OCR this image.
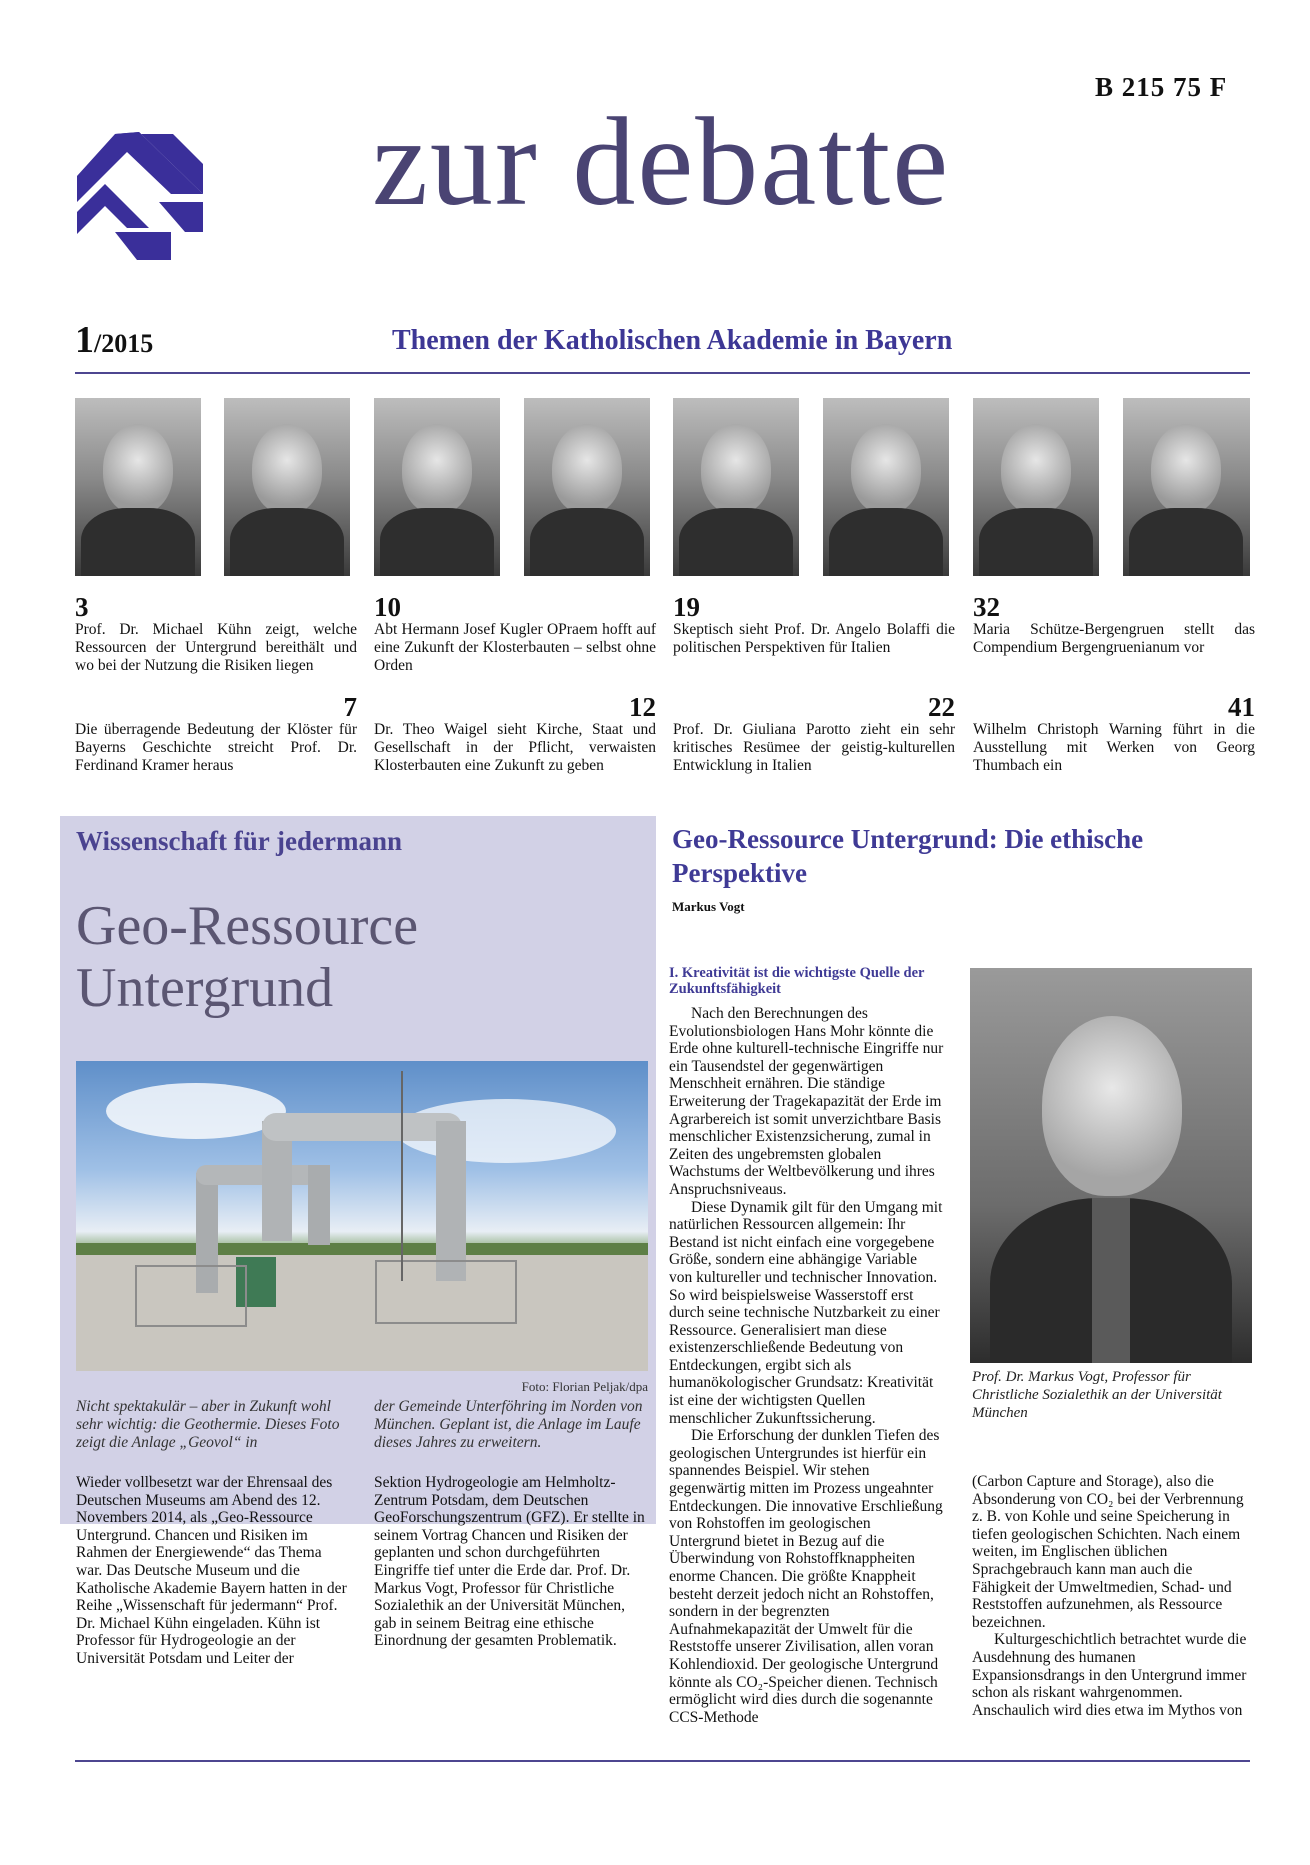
B 215 75 F
zur debatte
1/2015	Themen der Katholischen Akademie in Bayern
3
Prof. Dr. Michael Kühn zeigt, welche Ressourcen der Untergrund bereithält und wo bei der Nutzung die Risiken liegen
10
Abt Hermann Josef Kugler OPraem hofft auf eine Zukunft der Klosterbauten – selbst ohne Orden
19
Skeptisch sieht Prof. Dr. Angelo Bolaffi die politischen Perspektiven für Italien
32
Maria Schütze-Bergengruen stellt das Compendium Bergengruenianum vor
7
Die überragende Bedeutung der Klöster für Bayerns Geschichte streicht Prof. Dr. Ferdinand Kramer heraus
12
Dr. Theo Waigel sieht Kirche, Staat und Gesellschaft in der Pflicht, verwaisten Klosterbauten eine Zukunft zu geben
22
Prof. Dr. Giuliana Parotto zieht ein sehr kritisches Resümee der geistig-kulturellen Entwicklung in Italien
41
Wilhelm Christoph Warning führt in die Ausstellung mit Werken von Georg Thumbach ein
Wissenschaft für jedermann
Geo-Ressource
Untergrund
Foto: Florian Peljak/dpa
Nicht spektakulär – aber in Zukunft wohl sehr wichtig: die Geothermie. Dieses Foto zeigt die Anlage „Geovol“ in
der Gemeinde Unterföhring im Norden von München. Geplant ist, die Anlage im Laufe dieses Jahres zu erweitern.
Wieder vollbesetzt war der Ehrensaal des Deutschen Museums am Abend des 12. Novembers 2014, als „Geo-Ressource Untergrund. Chancen und Risiken im Rahmen der Energiewende“ das Thema war. Das Deutsche Museum und die Katholische Akademie Bayern hatten in der Reihe „Wissenschaft für jedermann“ Prof. Dr. Michael Kühn eingeladen. Kühn ist Professor für Hydrogeologie an der Universität Potsdam und Leiter der
Sektion Hydrogeologie am Helmholtz-Zentrum Potsdam, dem Deutschen GeoForschungszentrum (GFZ). Er stellte in seinem Vortrag Chancen und Risiken der geplanten und schon durchgeführten Eingriffe tief unter die Erde dar. Prof. Dr. Markus Vogt, Professor für Christliche Sozialethik an der Universität München, gab in seinem Beitrag eine ethische Einordnung der gesamten Problematik.
Geo-Ressource Untergrund: Die ethische Perspektive
Markus Vogt
I. Kreativität ist die wichtigste Quelle der Zukunftsfähigkeit

Nach den Berechnungen des Evolutionsbiologen Hans Mohr könnte die Erde ohne kulturell-technische Eingriffe nur ein Tausendstel der gegenwärtigen Menschheit ernähren. Die ständige Erweiterung der Tragekapazität der Erde im Agrarbereich ist somit unverzichtbare Basis menschlicher Existenzsicherung, zumal in Zeiten des ungebremsten globalen Wachstums der Weltbevölkerung und ihres Anspruchsniveaus.

Diese Dynamik gilt für den Umgang mit natürlichen Ressourcen allgemein: Ihr Bestand ist nicht einfach eine vorgegebene Größe, sondern eine abhängige Variable von kultureller und technischer Innovation. So wird beispielsweise Wasserstoff erst durch seine technische Nutzbarkeit zu einer Ressource. Generalisiert man diese existenzerschließende Bedeutung von Entdeckungen, ergibt sich als humanökologischer Grundsatz: Kreativität ist eine der wichtigsten Quellen menschlicher Zukunftssicherung.

Die Erforschung der dunklen Tiefen des geologischen Untergrundes ist hierfür ein spannendes Beispiel. Wir stehen gegenwärtig mitten im Prozess ungeahnter Entdeckungen. Die innovative Erschließung von Rohstoffen im geologischen Untergrund bietet in Bezug auf die Überwindung von Rohstoffknappheiten enorme Chancen. Die größte Knappheit besteht derzeit jedoch nicht an Rohstoffen, sondern in der begrenzten Aufnahmekapazität der Umwelt für die Reststoffe unserer Zivilisation, allen voran Kohlendioxid. Der geologische Untergrund könnte als CO₂-Speicher dienen. Technisch ermöglicht wird dies durch die sogenannte CCS-Methode

Prof. Dr. Markus Vogt, Professor für Christliche Sozialethik an der Universität München

(Carbon Capture and Storage), also die Absonderung von CO₂ bei der Verbrennung z. B. von Kohle und seine Speicherung in tiefen geologischen Schichten. Nach einem weiten, im Englischen üblichen Sprachgebrauch kann man auch die Fähigkeit der Umweltmedien, Schad- und Reststoffen aufzunehmen, als Ressource bezeichnen.

Kulturgeschichtlich betrachtet wurde die Ausdehnung des humanen Expansionsdrangs in den Untergrund immer schon als riskant wahrgenommen. Anschaulich wird dies etwa im Mythos von
